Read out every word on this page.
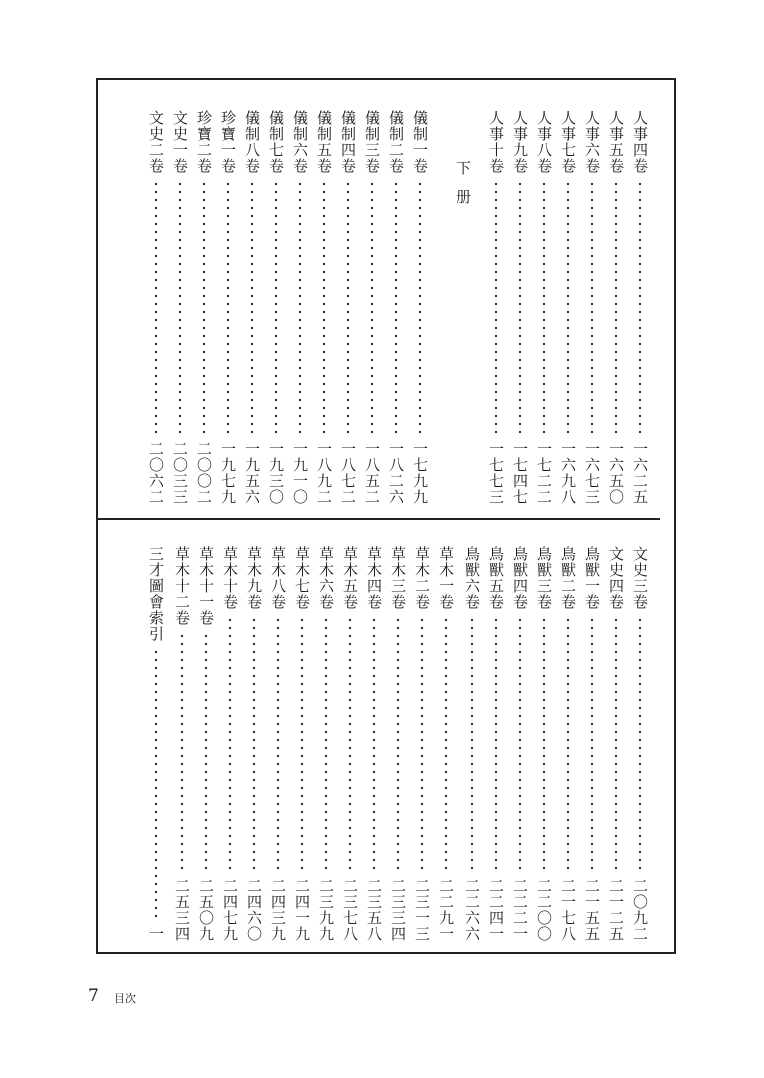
下册
人事四卷
一六二五
人事五卷
一六五〇
人事六卷
一六七三
人事七卷
一六九八
人事八卷
一七二二
人事九卷
一七四七
人事十卷
一七七三
儀制一卷
一七九九
儀制二卷
一八二六
儀制三卷
一八五二
儀制四卷
一八七二
儀制五卷
一八九二
儀制六卷
一九一〇
儀制七卷
一九三〇
儀制八卷
一九五六
珍寶一卷
一九七九
珍寶二卷
二〇〇二
文史一卷
二〇三三
文史二卷
二〇六二
文史三卷
二〇九二
文史四卷
二一二五
鳥獸一卷
二一五五
鳥獸二卷
二一七八
鳥獸三卷
二二〇〇
鳥獸四卷
二二二一
鳥獸五卷
二二四一
鳥獸六卷
二二六六
草木一卷
二二九一
草木二卷
二三一三
草木三卷
二三三四
草木四卷
二三五八
草木五卷
二三七八
草木六卷
二三九九
草木七卷
二四一九
草木八卷
二四三九
草木九卷
二四六〇
草木十卷
二四七九
草木十一卷
二五〇九
草木十二卷
二五三四
三才圖會索引
一
7 目次
